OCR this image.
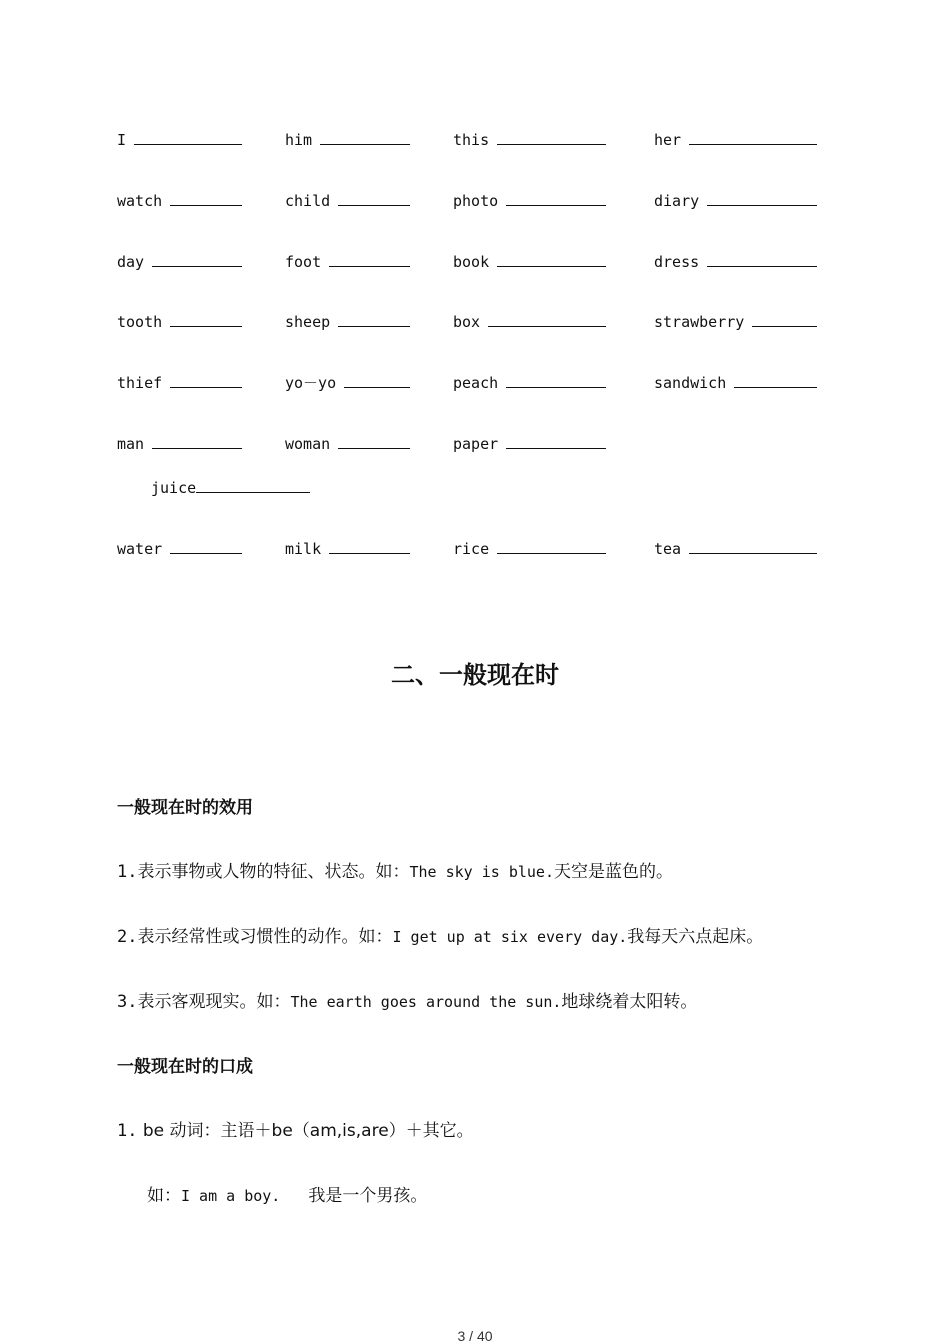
I	him	this	her
watch	child	photo	diary
day	foot	book	dress
tooth	sheep	box	strawberry
thief	yo－yo	peach	sandwich
man	woman	paper
water	milk	rice	tea
juice
二、一般现在时
一般现在时的效用
1.表示事物或人物的特征、状态。如：The sky is blue.天空是蓝色的。
2.表示经常性或习惯性的动作。如：I get up at six every day.我每天六点起床。
3.表示客观现实。如：The earth goes around the sun.地球绕着太阳转。
一般现在时的口成
1. be 动词：主语＋be（am,is,are）＋其它。
如：I am a boy. 我是一个男孩。
3 / 40
